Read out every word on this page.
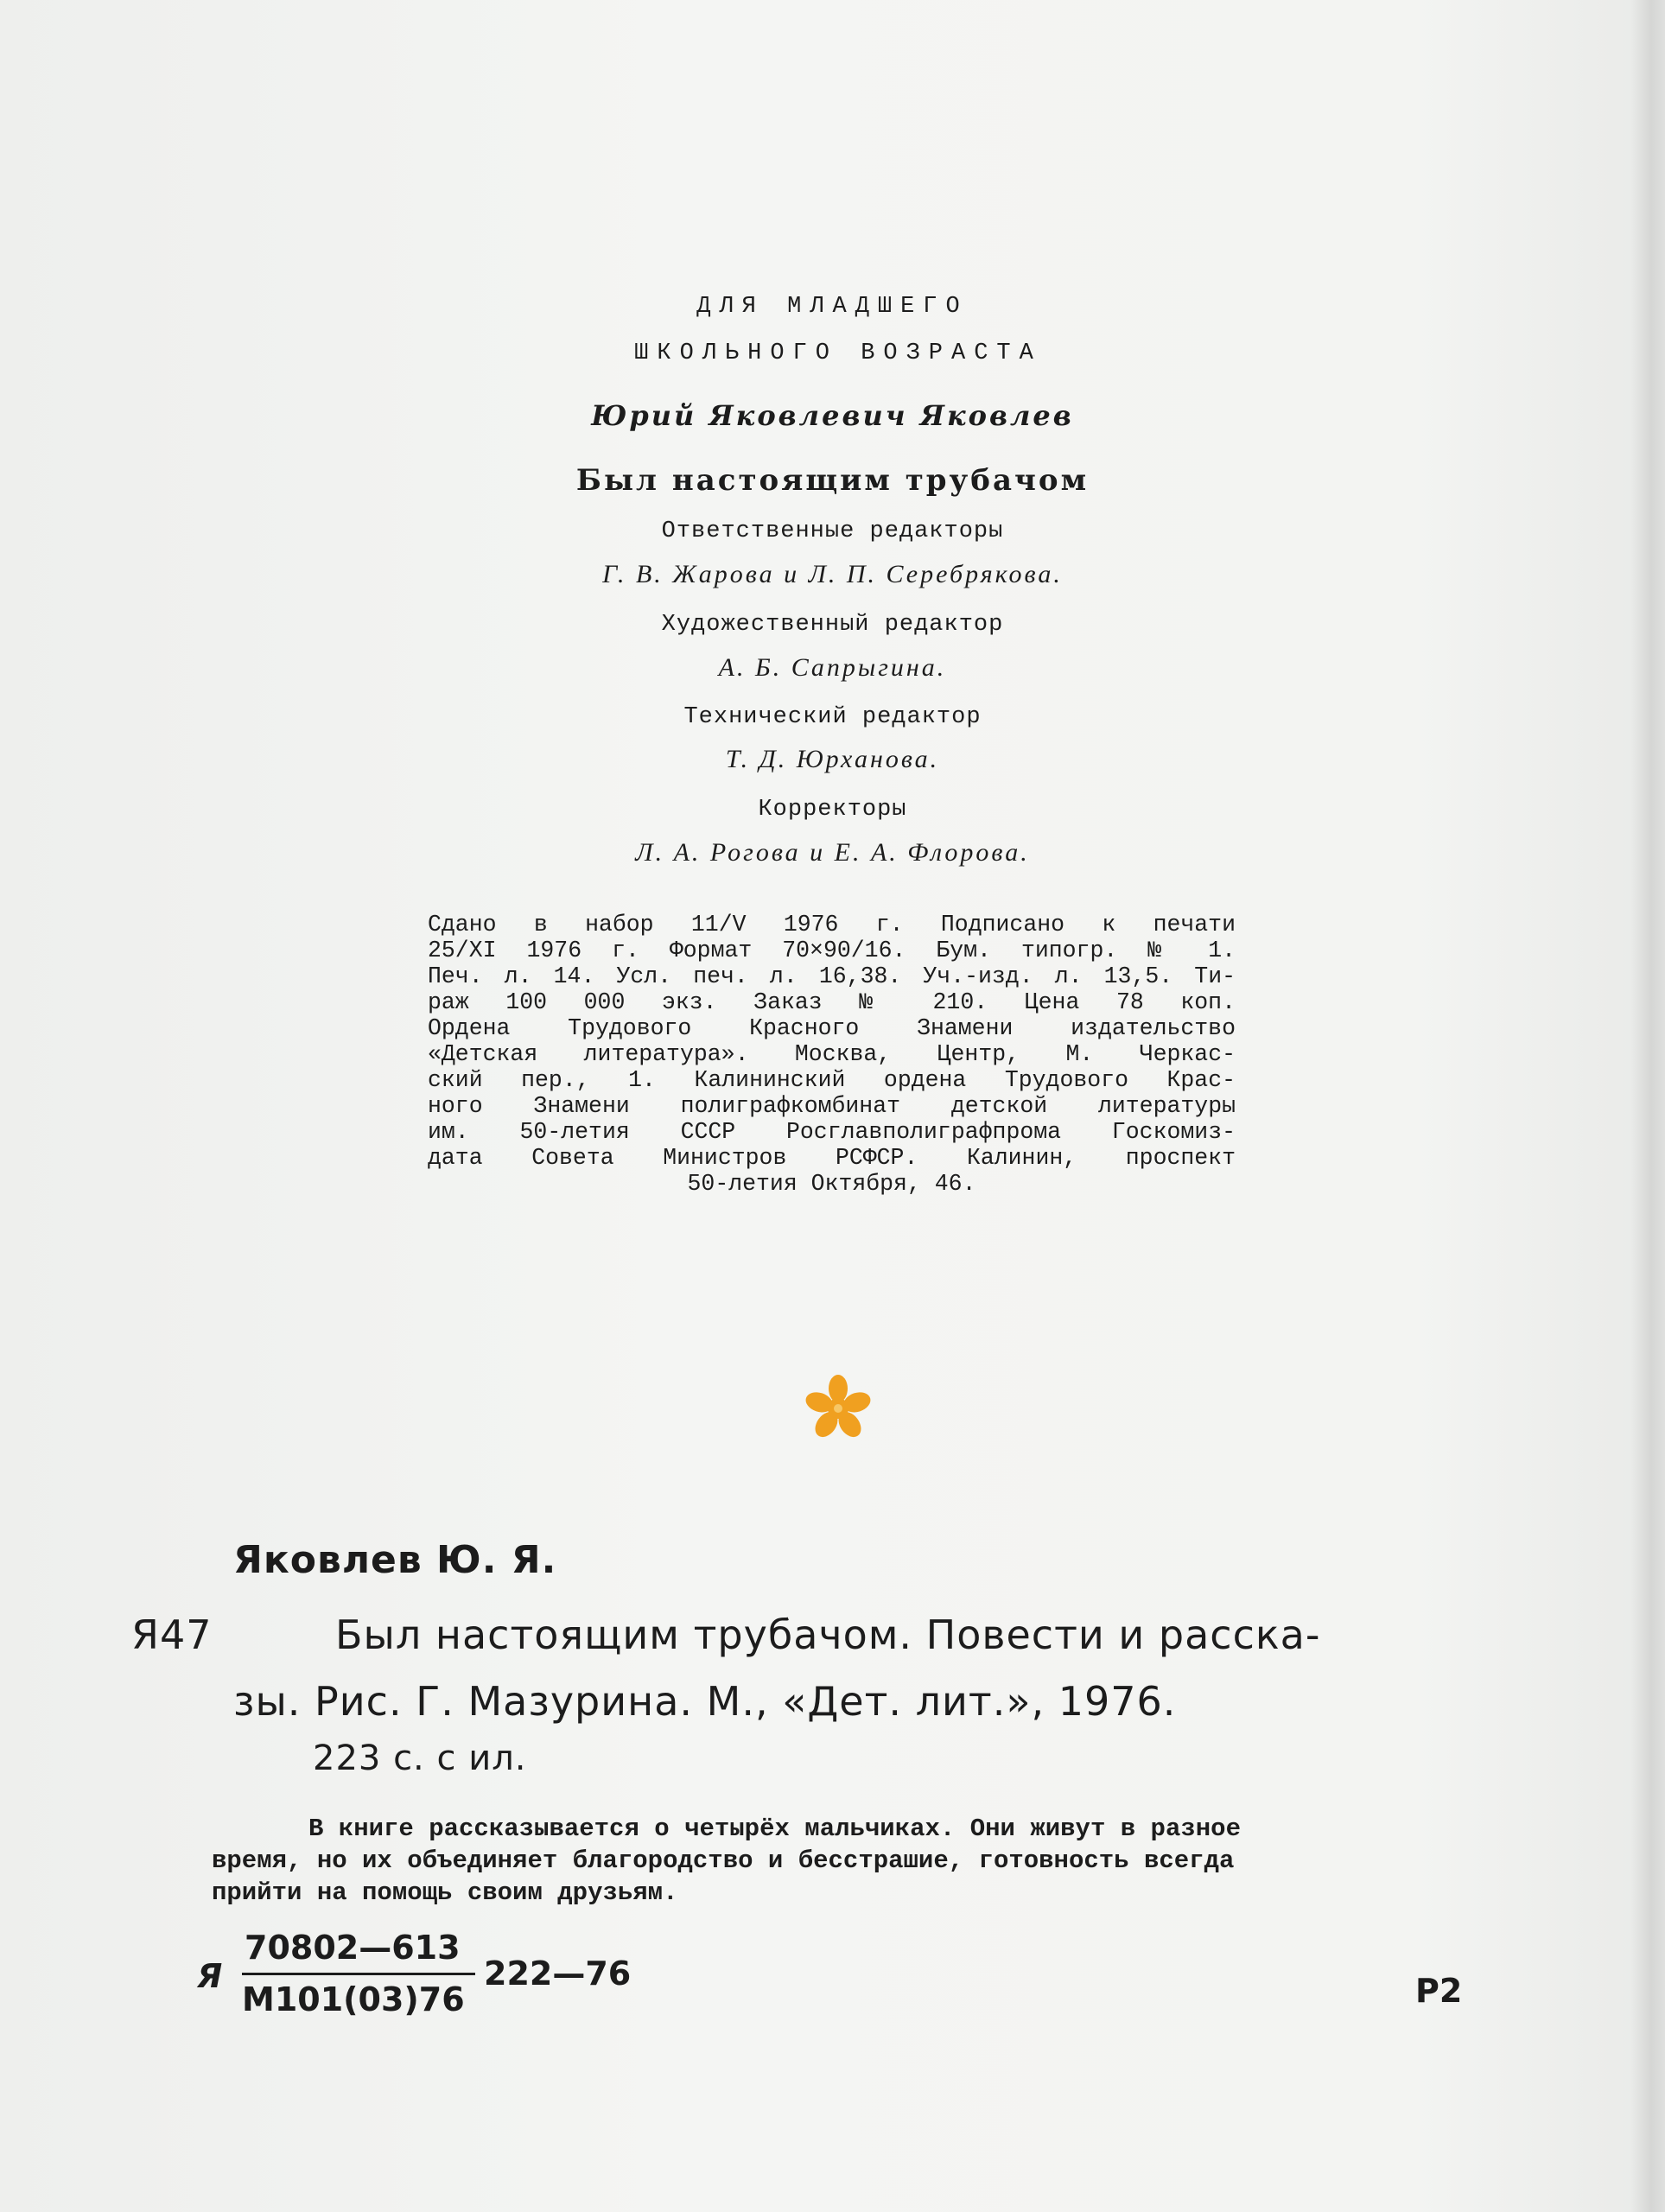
ДЛЯ МЛАДШЕГО
ШКОЛЬНОГО ВОЗРАСТА
Юрий Яковлевич Яковлев
Был настоящим трубачом
Ответственные редакторы
Г. В. Жарова и Л. П. Серебрякова.
Художественный редактор
А. Б. Сапрыгина.
Технический редактор
Т. Д. Юрханова.
Корректоры
Л. А. Рогова и Е. А. Флорова.
Сдано в набор 11/V 1976 г. Подписано к печати
25/XI 1976 г. Формат 70×90/16. Бум. типогр. № 1.
Печ. л. 14. Усл. печ. л. 16,38. Уч.-изд. л. 13,5. Ти-
раж 100 000 экз. Заказ № 210. Цена 78 коп.
Ордена Трудового Красного Знамени издательство
«Детская литература». Москва, Центр, М. Черкас-
ский пер., 1. Калининский ордена Трудового Крас-
ного Знамени полиграфкомбинат детской литературы
им. 50-летия СССР Росглавполиграфпрома Госкомиз-
дата Совета Министров РСФСР. Калинин, проспект
50-летия Октября, 46.
Яковлев Ю. Я.
Я47	Был настоящим трубачом. Повести и расска-
зы. Рис. Г. Мазурина. М., «Дет. лит.», 1976.
223 с. с ил.
В книге рассказывается о четырёх мальчиках. Они живут в разное
время, но их объединяет благородство и бесстрашие, готовность всегда
прийти на помощь своим друзьям.
Я
70802—613
М101(03)76
222—76	Р2
